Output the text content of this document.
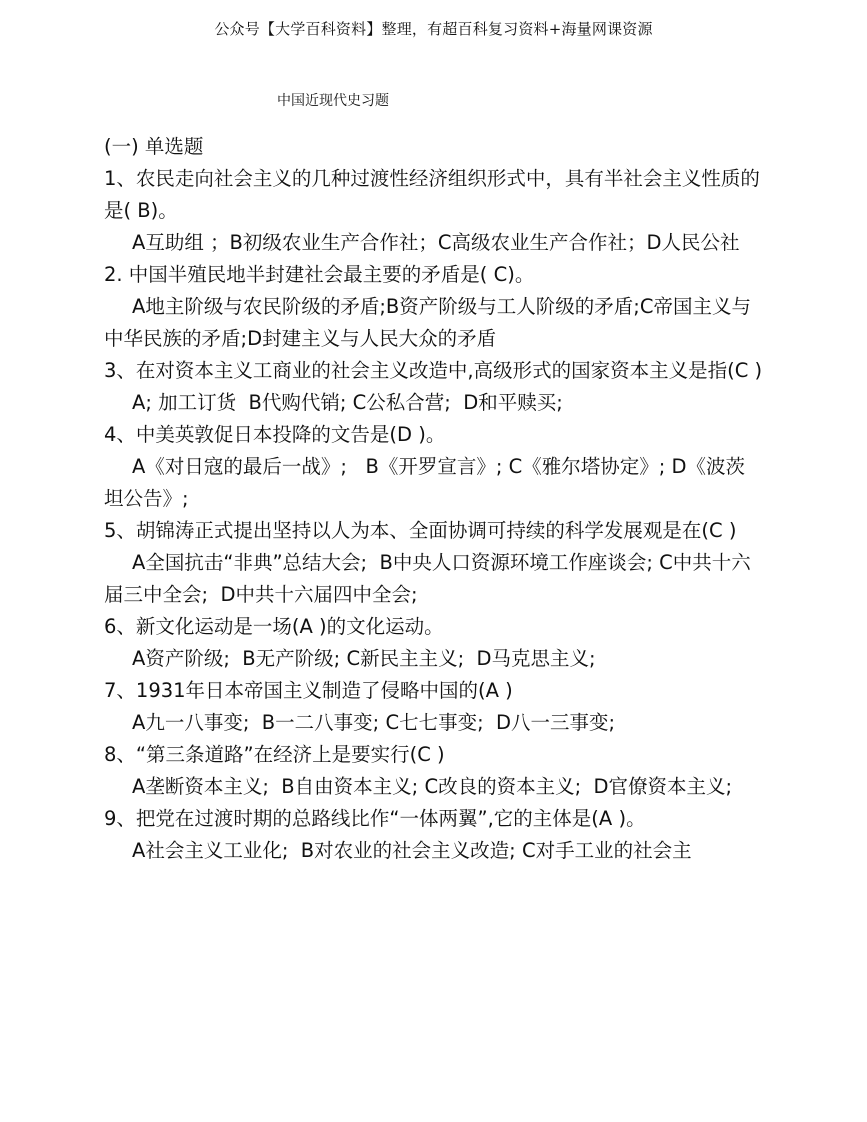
公众号【大学百科资料】整理，有超百科复习资料+海量网课资源
中国近现代史习题
(一) 单选题

1、农民走向社会主义的几种过渡性经济组织形式中，具有半社会主义性质的是( B)。

A互助组 ；B初级农业生产合作社；C高级农业生产合作社；D人民公社

2. 中国半殖民地半封建社会最主要的矛盾是( C)。

A地主阶级与农民阶级的矛盾;B资产阶级与工人阶级的矛盾;C帝国主义与中华民族的矛盾;D封建主义与人民大众的矛盾

3、在对资本主义工商业的社会主义改造中,高级形式的国家资本主义是指(C )

A; 加工订货  B代购代销; C公私合营;  D和平赎买;

4、中美英敦促日本投降的文告是(D )。

A《对日寇的最后一战》;   B《开罗宣言》; C《雅尔塔协定》; D《波茨坦公告》;

5、胡锦涛正式提出坚持以人为本、全面协调可持续的科学发展观是在(C )

A全国抗击“非典”总结大会;  B中央人口资源环境工作座谈会; C中共十六届三中全会;  D中共十六届四中全会;

6、新文化运动是一场(A )的文化运动。

A资产阶级;  B无产阶级; C新民主主义;  D马克思主义;

7、1931年日本帝国主义制造了侵略中国的(A )

A九一八事变;  B一二八事变; C七七事变;  D八一三事变;

8、“第三条道路”在经济上是要实行(C )

A垄断资本主义;  B自由资本主义; C改良的资本主义;  D官僚资本主义;

9、把党在过渡时期的总路线比作“一体两翼”,它的主体是(A )。

A社会主义工业化;  B对农业的社会主义改造; C对手工业的社会主
